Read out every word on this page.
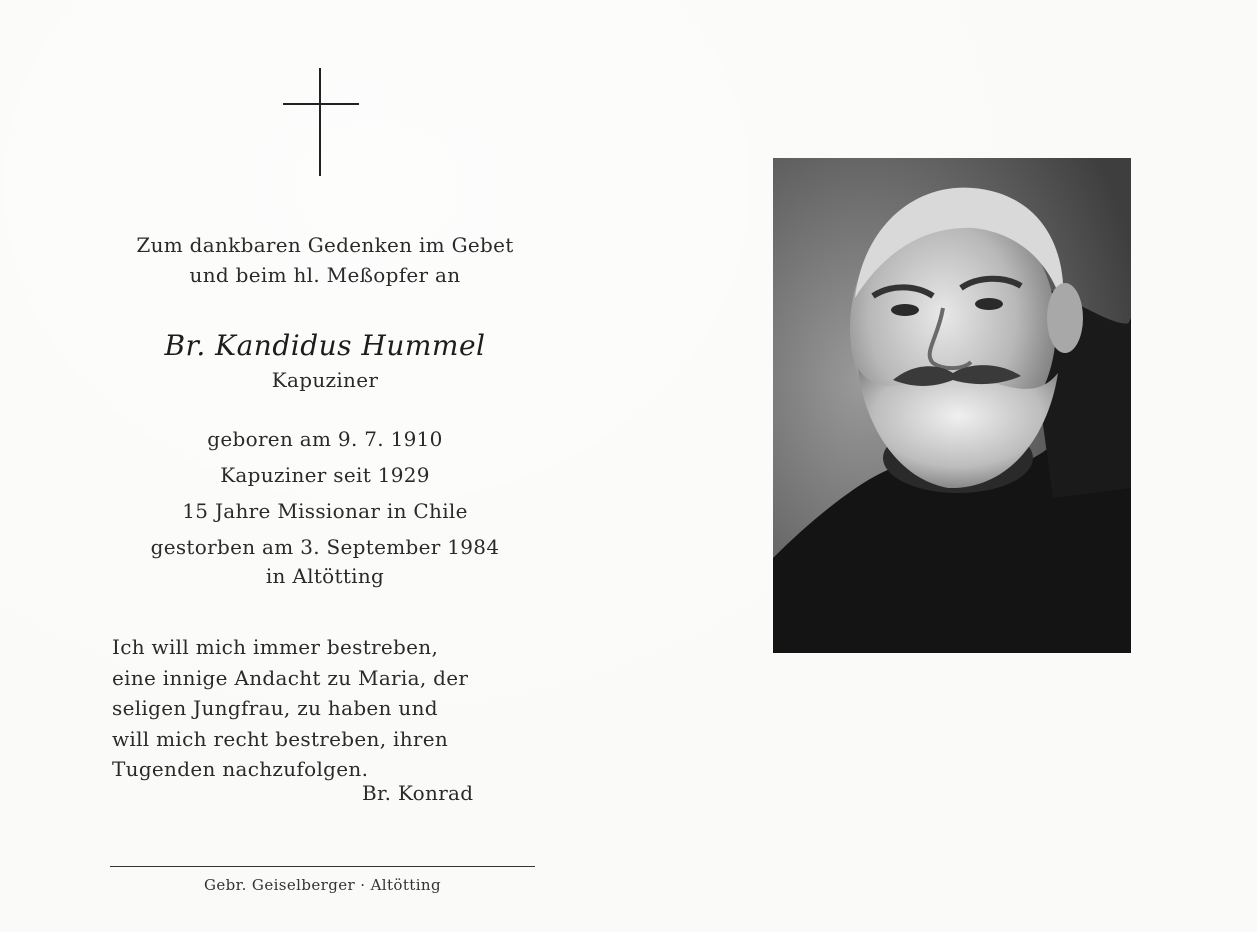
Zum dankbaren Gedenken im Gebet
und beim hl. Meßopfer an
Br. Kandidus Hummel
Kapuziner
geboren am 9. 7. 1910
Kapuziner seit 1929
15 Jahre Missionar in Chile
gestorben am 3. September 1984
in Altötting
Ich will mich immer bestreben,
eine innige Andacht zu Maria, der
seligen Jungfrau, zu haben und
will mich recht bestreben, ihren
Tugenden nachzufolgen.
Br. Konrad
Gebr. Geiselberger · Altötting
